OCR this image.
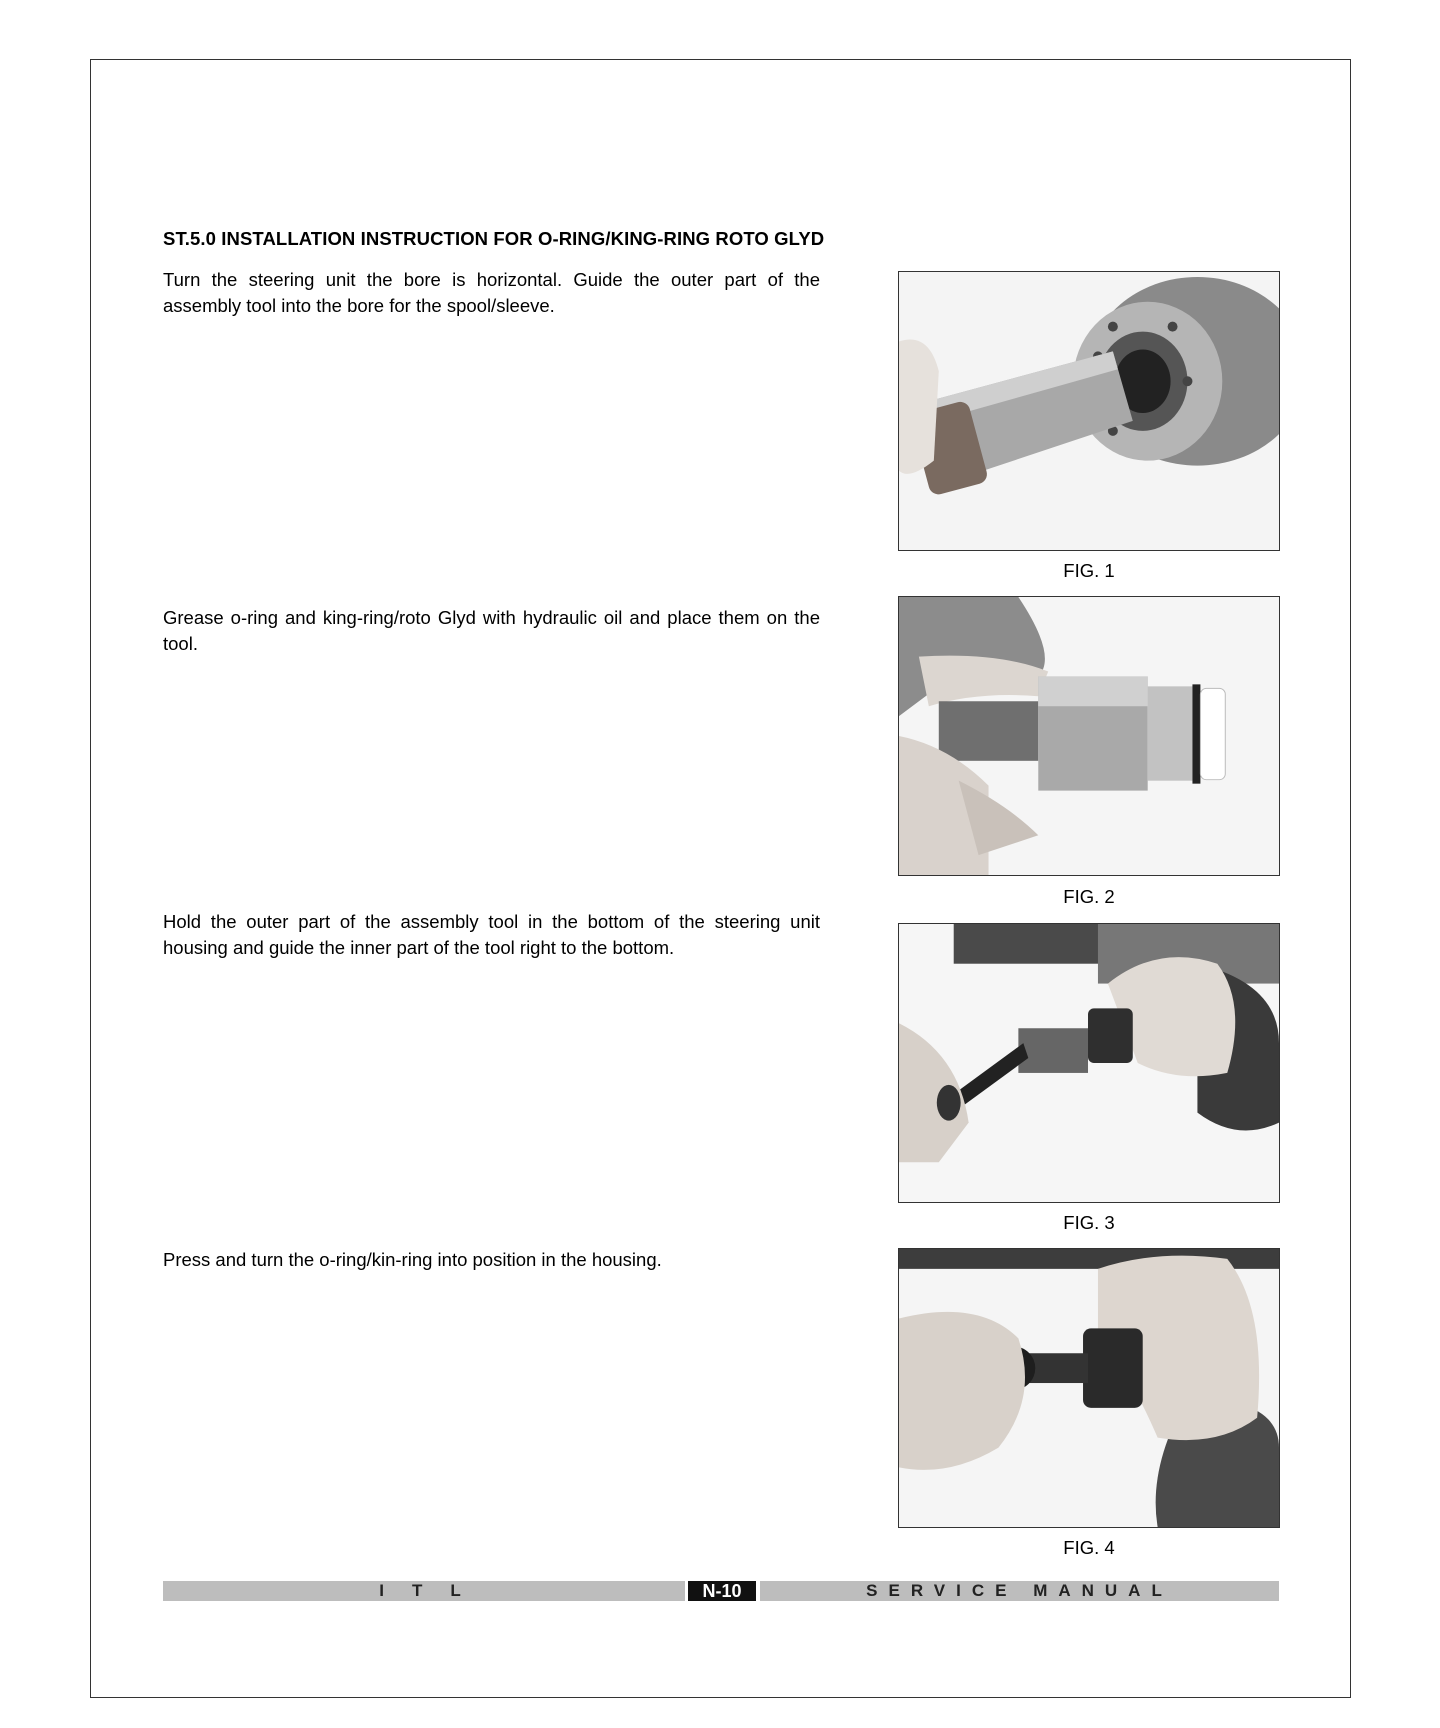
ST.5.0 INSTALLATION INSTRUCTION FOR O-RING/KING-RING ROTO GLYD
Turn the steering unit the bore is horizontal. Guide the outer part of the assembly tool into the bore for the spool/sleeve.
FIG. 1
Grease o-ring and king-ring/roto Glyd with hydraulic oil and place them on the tool.
FIG. 2
Hold the outer part of the assembly tool in the bottom of the steering unit housing and guide the inner part of the tool right to the bottom.
FIG. 3
Press and turn the o-ring/kin-ring into position in the housing.
FIG. 4
ITL	N-10	SERVICE MANUAL
